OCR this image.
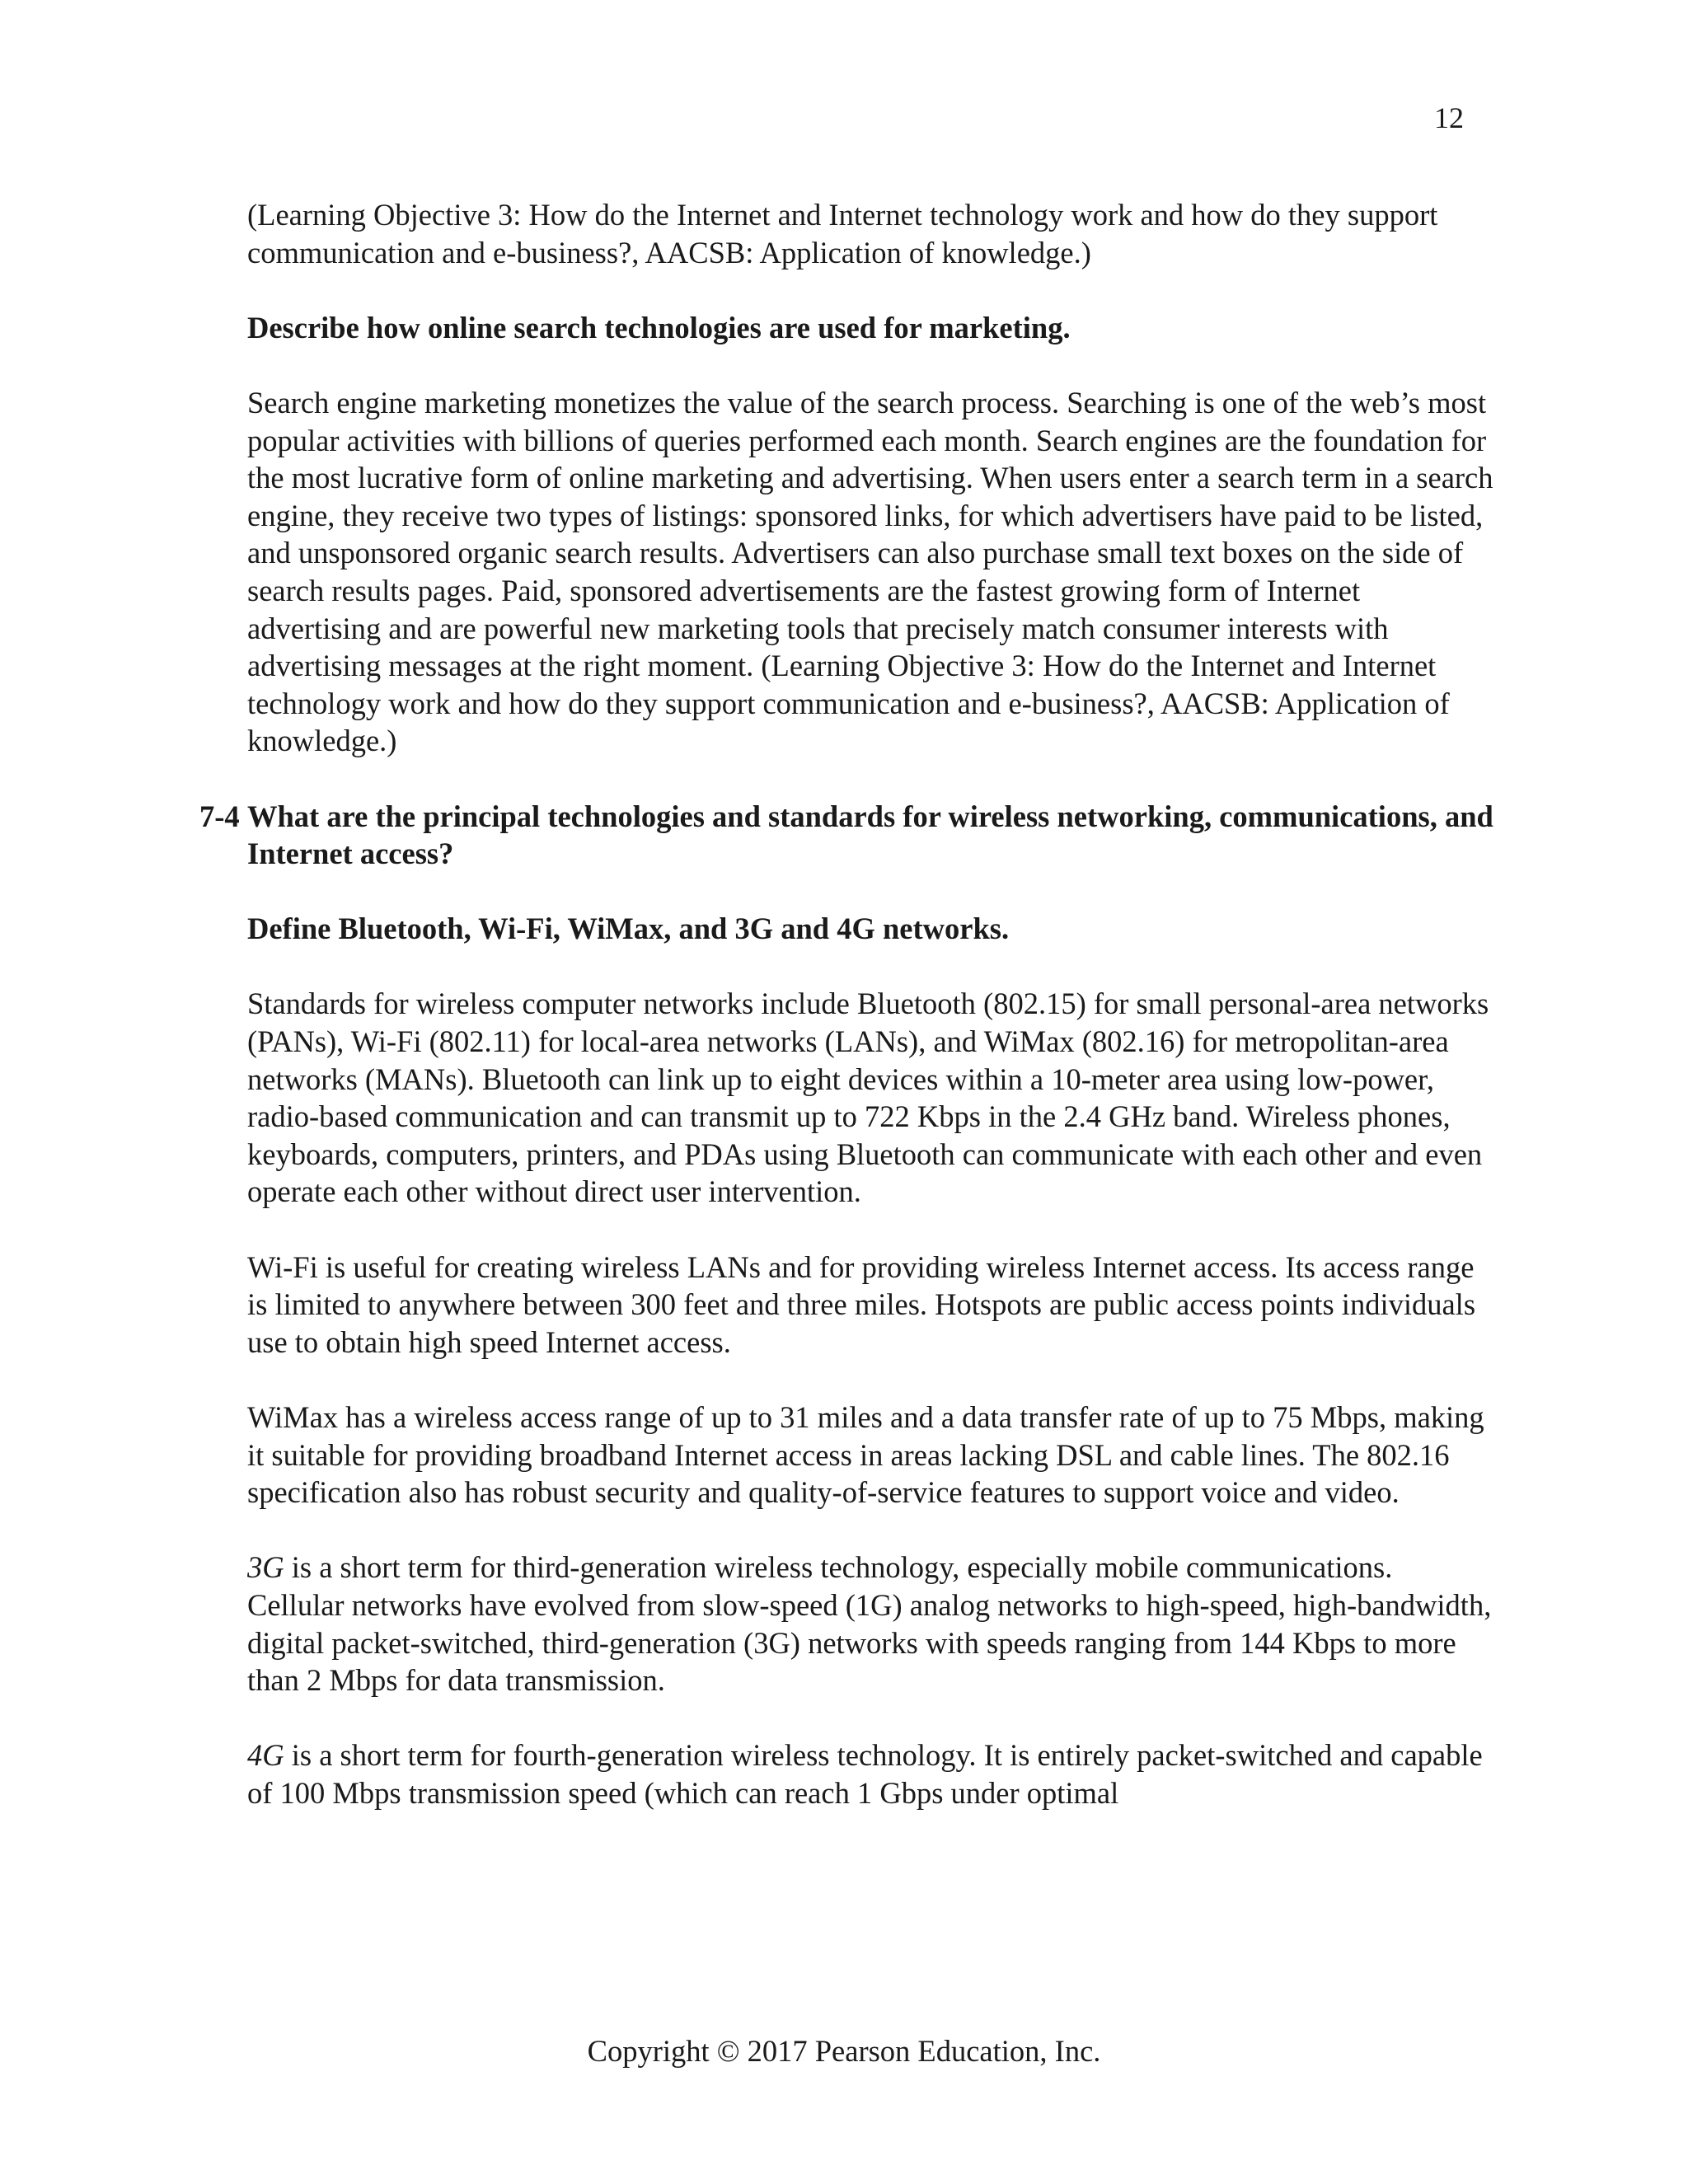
12

(Learning Objective 3: How do the Internet and Internet technology work and how do they support communication and e-business?, AACSB: Application of knowledge.)

Describe how online search technologies are used for marketing.

Search engine marketing monetizes the value of the search process. Searching is one of the web’s most popular activities with billions of queries performed each month. Search engines are the foundation for the most lucrative form of online marketing and advertising. When users enter a search term in a search engine, they receive two types of listings: sponsored links, for which advertisers have paid to be listed, and unsponsored organic search results. Advertisers can also purchase small text boxes on the side of search results pages. Paid, sponsored advertisements are the fastest growing form of Internet advertising and are powerful new marketing tools that precisely match consumer interests with advertising messages at the right moment. (Learning Objective 3: How do the Internet and Internet technology work and how do they support communication and e-business?, AACSB: Application of knowledge.)

7-4 What are the principal technologies and standards for wireless networking, communications, and Internet access?

Define Bluetooth, Wi-Fi, WiMax, and 3G and 4G networks.

Standards for wireless computer networks include Bluetooth (802.15) for small personal-area networks (PANs), Wi-Fi (802.11) for local-area networks (LANs), and WiMax (802.16) for metropolitan-area networks (MANs). Bluetooth can link up to eight devices within a 10-meter area using low-power, radio-based communication and can transmit up to 722 Kbps in the 2.4 GHz band. Wireless phones, keyboards, computers, printers, and PDAs using Bluetooth can communicate with each other and even operate each other without direct user intervention.

Wi-Fi is useful for creating wireless LANs and for providing wireless Internet access. Its access range is limited to anywhere between 300 feet and three miles. Hotspots are public access points individuals use to obtain high speed Internet access.

WiMax has a wireless access range of up to 31 miles and a data transfer rate of up to 75 Mbps, making it suitable for providing broadband Internet access in areas lacking DSL and cable lines. The 802.16 specification also has robust security and quality-of-service features to support voice and video.

3G is a short term for third-generation wireless technology, especially mobile communications. Cellular networks have evolved from slow-speed (1G) analog networks to high-speed, high-bandwidth, digital packet-switched, third-generation (3G) networks with speeds ranging from 144 Kbps to more than 2 Mbps for data transmission.

4G is a short term for fourth-generation wireless technology. It is entirely packet-switched and capable of 100 Mbps transmission speed (which can reach 1 Gbps under optimal

Copyright © 2017 Pearson Education, Inc.
